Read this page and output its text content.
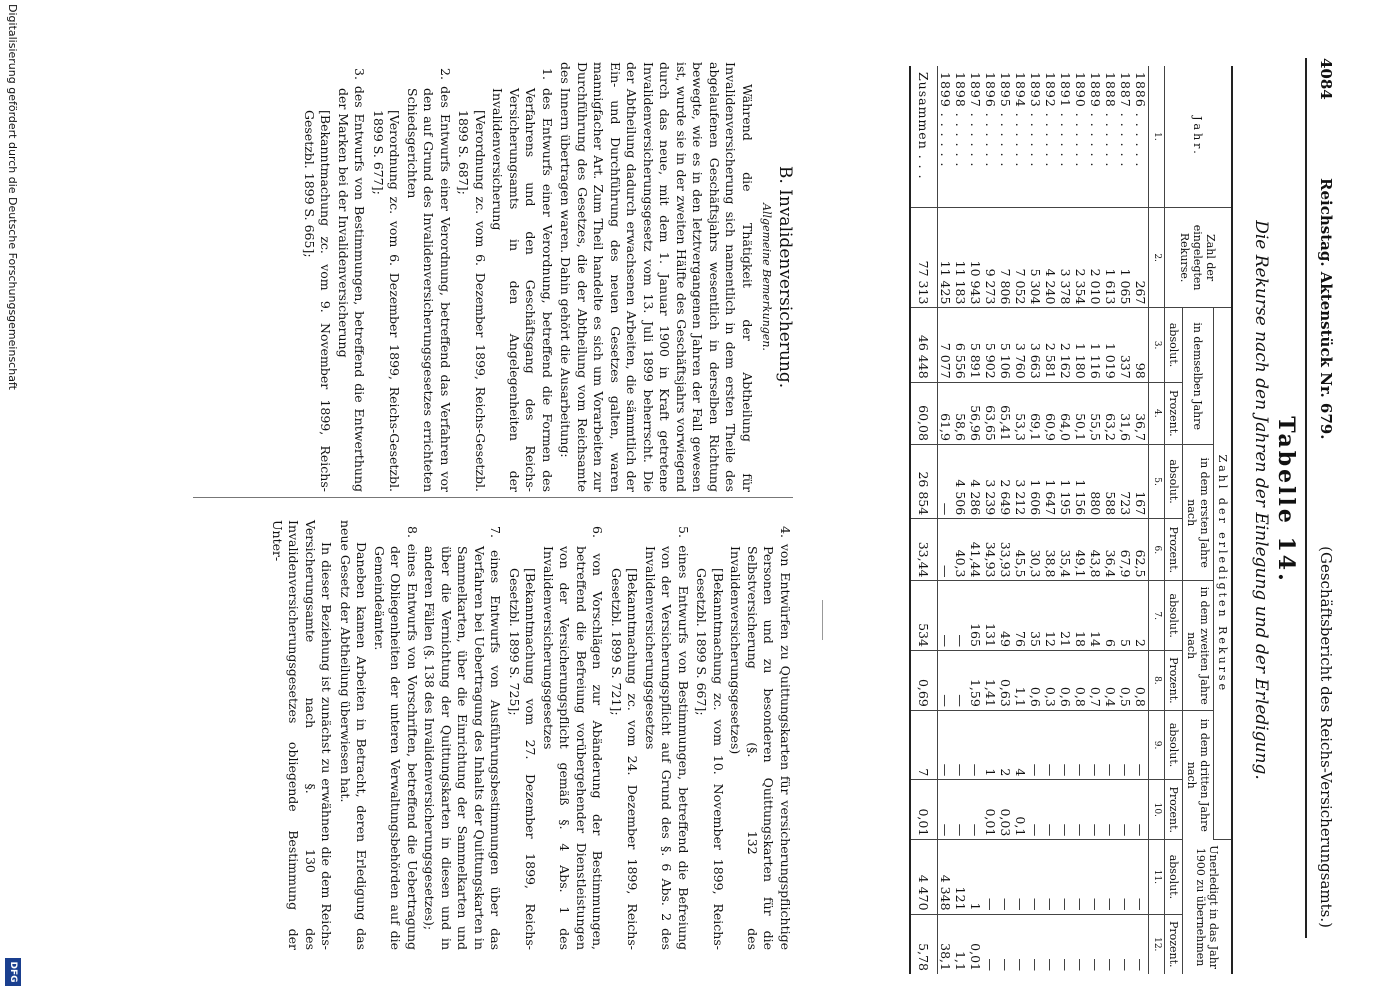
4084
Reichstag. Aktenstück Nr. 679.
(Geschäftsbericht des Reichs-Versicherungsamts.)
Tabelle 14.
Die Rekurse nach den Jahren der Einlegung und der Erledigung.
Jahr.	Zahl der eingelegten Rekurse.	Zahl der erledigten Rekurse								Unerledigt in das Jahr 1900 zu übernehmen	
		in demselben Jahre		in dem ersten Jahre nach		in dem zweiten Jahre nach		in dem dritten Jahre nach			
		absolut.	Prozent.	absolut.	Prozent.	absolut.	Prozent.	absolut.	Prozent.	absolut.	Prozent.
1.	2.	3.	4.	5.	6.	7.	8.	9.	10.	11.	12.
1886 . . . . . .	267	98	36,7	167	62,5	2	0,8	—	—	—	—
1887 . . . . . .	1 065	337	31,6	723	67,9	5	0,5	—	—	—	—
1888 . . . . . .	1 613	1 019	63,2	588	36,4	6	0,4	—	—	—	—
1889 . . . . . .	2 010	1 116	55,5	880	43,8	14	0,7	—	—	—	—
1890 . . . . . .	2 354	1 180	50,1	1 156	49,1	18	0,8	—	—	—	—
1891 . . . . . .	3 378	2 162	64,0	1 195	35,4	21	0,6	—	—	—	—
1892 . . . . . .	4 240	2 581	60,9	1 647	38,8	12	0,3	—	—	—	—
1893 . . . . . .	5 304	3 663	69,1	1 606	30,3	35	0,6	—	—	—	—
1894 . . . . . .	7 052	3 760	53,3	3 212	45,5	76	1,1	4	0,1	—	—
1895 . . . . . .	7 806	5 106	65,41	2 649	33,93	49	0,63	2	0,03	—	—
1896 . . . . . .	9 273	5 902	63,65	3 239	34,93	131	1,41	1	0,01	—	—
1897 . . . . . .	10 943	5 891	56,96	4 286	41,44	165	1,59	—	—	1	0,01
1898 . . . . . .	11 183	6 556	58,6	4 506	40,3	—	—	—	—	121	1,1
1899 . . . . . .	11 425	7 077	61,9	—	—	—	—	—	—	4 348	38,1
Zusammen . . .	77 313	46 448	60,08	26 854	33,44	534	0,69	7	0,01	4 470	5,78
B. Invalidenversicherung.
Allgemeine Bemerkungen.

Während die Thätigkeit der Abtheilung für Invalidenversicherung sich namentlich in dem ersten Theile des abgelaufenen Geschäftsjahrs wesentlich in derselben Richtung bewegte, wie es in den letztvergangenen Jahren der Fall gewesen ist, wurde sie in der zweiten Hälfte des Geschäftsjahrs vorwiegend durch das neue, mit dem 1. Januar 1900 in Kraft getretene Invalidenversicherungsgesetz vom 13. Juli 1899 beherrscht. Die der Abtheilung dadurch erwachsenen Arbeiten, die sämmtlich der Ein- und Durchführung des neuen Gesetzes galten, waren mannigfacher Art. Zum Theil handelte es sich um Vorarbeiten zur Durchführung des Gesetzes, die der Abtheilung vom Reichsamte des Innern übertragen waren. Dahin gehört die Ausarbeitung:

1. des Entwurfs einer Verordnung, betreffend die Formen des Verfahrens und den Geschäftsgang des Reichs-Versicherungsamts in den Angelegenheiten der Invalidenversicherung
[Verordnung zc. vom 6. Dezember 1899, Reichs-Gesetzbl. 1899 S. 687];
2. des Entwurfs einer Verordnung, betreffend das Verfahren vor den auf Grund des Invalidenversicherungsgesetzes errichteten Schiedsgerichten
[Verordnung zc. vom 6. Dezember 1899, Reichs-Gesetzbl. 1899 S. 677];
3. des Entwurfs von Bestimmungen, betreffend die Entwerthung der Marken bei der Invalidenversicherung
[Bekanntmachung zc. vom 9. November 1899, Reichs-Gesetzbl. 1899 S. 665];
4. von Entwürfen zu Quittungskarten für versicherungspflichtige Personen und zu besonderen Quittungskarten für die Selbstversicherung (§. 132 des Invalidenversicherungsgesetzes)
[Bekanntmachung zc. vom 10. November 1899, Reichs-Gesetzbl. 1899 S. 667];
5. eines Entwurfs von Bestimmungen, betreffend die Befreiung von der Versicherungspflicht auf Grund des §. 6 Abs. 2 des Invalidenversicherungsgesetzes
[Bekanntmachung zc. vom 24. Dezember 1899, Reichs-Gesetzbl. 1899 S. 721];
6. von Vorschlägen zur Abänderung der Bestimmungen, betreffend die Befreiung vorübergehender Dienstleistungen von der Versicherungspflicht gemäß §. 4 Abs. 1 des Invalidenversicherungsgesetzes
[Bekanntmachung vom 27. Dezember 1899, Reichs-Gesetzbl. 1899 S. 725];
7. eines Entwurfs von Ausführungsbestimmungen über das Verfahren bei Uebertragung des Inhalts der Quittungskarten in Sammelkarten, über die Einrichtung der Sammelkarten und über die Vernichtung der Quittungskarten in diesen und in anderen Fällen (§. 138 des Invalidenversicherungsgesetzes);
8. eines Entwurfs von Vorschriften, betreffend die Uebertragung der Obliegenheiten der unteren Verwaltungsbehörden auf die Gemeindeämter.

Daneben kamen Arbeiten in Betracht, deren Erledigung das neue Gesetz der Abtheilung überwiesen hat.

In dieser Beziehung ist zunächst zu erwähnen die dem Reichs-Versicherungsamte nach §. 130 des Invalidenversicherungsgesetzes obliegende Bestimmung der Unter-

Digitalisierung gefördert durch die Deutsche Forschungsgemeinschaft
DFG
